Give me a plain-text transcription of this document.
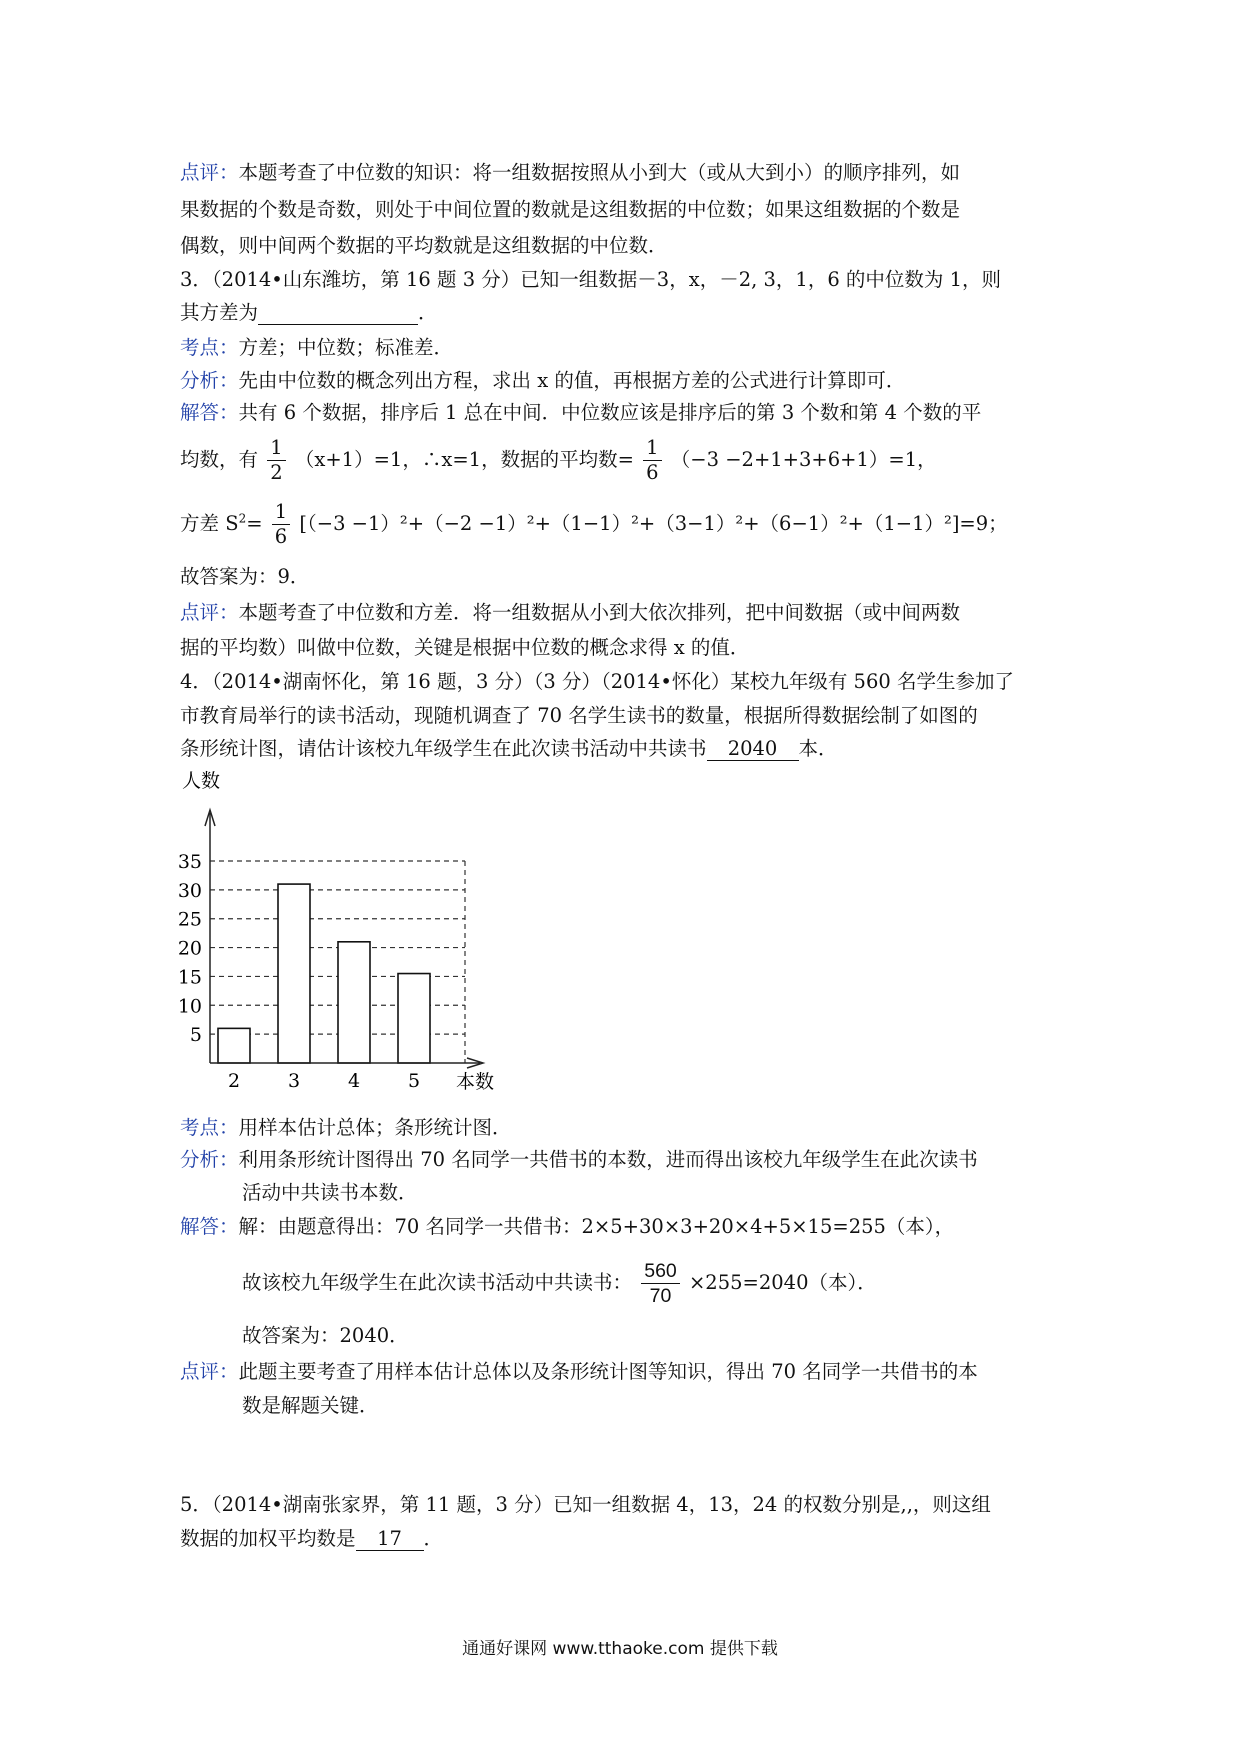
点评：本题考查了中位数的知识：将一组数据按照从小到大（或从大到小）的顺序排列，如
果数据的个数是奇数，则处于中间位置的数就是这组数据的中位数；如果这组数据的个数是
偶数，则中间两个数据的平均数就是这组数据的中位数．
3．（2014•山东潍坊，第 16 题 3 分）已知一组数据－3，x，－2, 3，1，6 的中位数为 1，则
其方差为	．
考点：方差；中位数；标准差．
分析：先由中位数的概念列出方程，求出 x 的值，再根据方差的公式进行计算即可．
解答：共有 6 个数据，排序后 1 总在中间．中位数应该是排序后的第 3 个数和第 4 个数的平
均数，有 $\frac{1}{2} (x+1)=1$，∴x=1，数据的平均数= $\frac{1}{6} (-3 -2+1+3+6+1)=1$，
方差 $S^2= \frac{1}{6} [(-3 -1)^2+(-2 -1)^2+(1-1)^2+(3-1)^2+(6-1)^2+(1-1)^2]=9$；
故答案为：9．
点评：本题考查了中位数和方差．将一组数据从小到大依次排列，把中间数据（或中间两数
据的平均数）叫做中位数，关键是根据中位数的概念求得 x 的值．
4．（2014•湖南怀化，第 16 题，3 分）（3 分）（2014•怀化）某校九年级有 560 名学生参加了
市教育局举行的读书活动，现随机调查了 70 名学生读书的数量，根据所得数据绘制了如图的
条形统计图，请估计该校九年级学生在此次读书活动中共读书 2040 本．
人数
本数
5
10
15
20
25
30
35
2	3	4	5
考点：用样本估计总体；条形统计图．
分析：利用条形统计图得出 70 名同学一共借书的本数，进而得出该校九年级学生在此次读书
活动中共读书本数．
解答：解：由题意得出：70 名同学一共借书：2×5+30×3+20×4+5×15=255（本），
故该校九年级学生在此次读书活动中共读书： $\frac{560}{70} \times 255=2040$（本）．
故答案为：2040．
点评：此题主要考查了用样本估计总体以及条形统计图等知识，得出 70 名同学一共借书的本
数是解题关键．
5．（2014•湖南张家界，第 11 题，3 分）已知一组数据 4，13，24 的权数分别是,,，则这组
数据的加权平均数是 17 ．
通通好课网 www.tthaoke.com 提供下载
